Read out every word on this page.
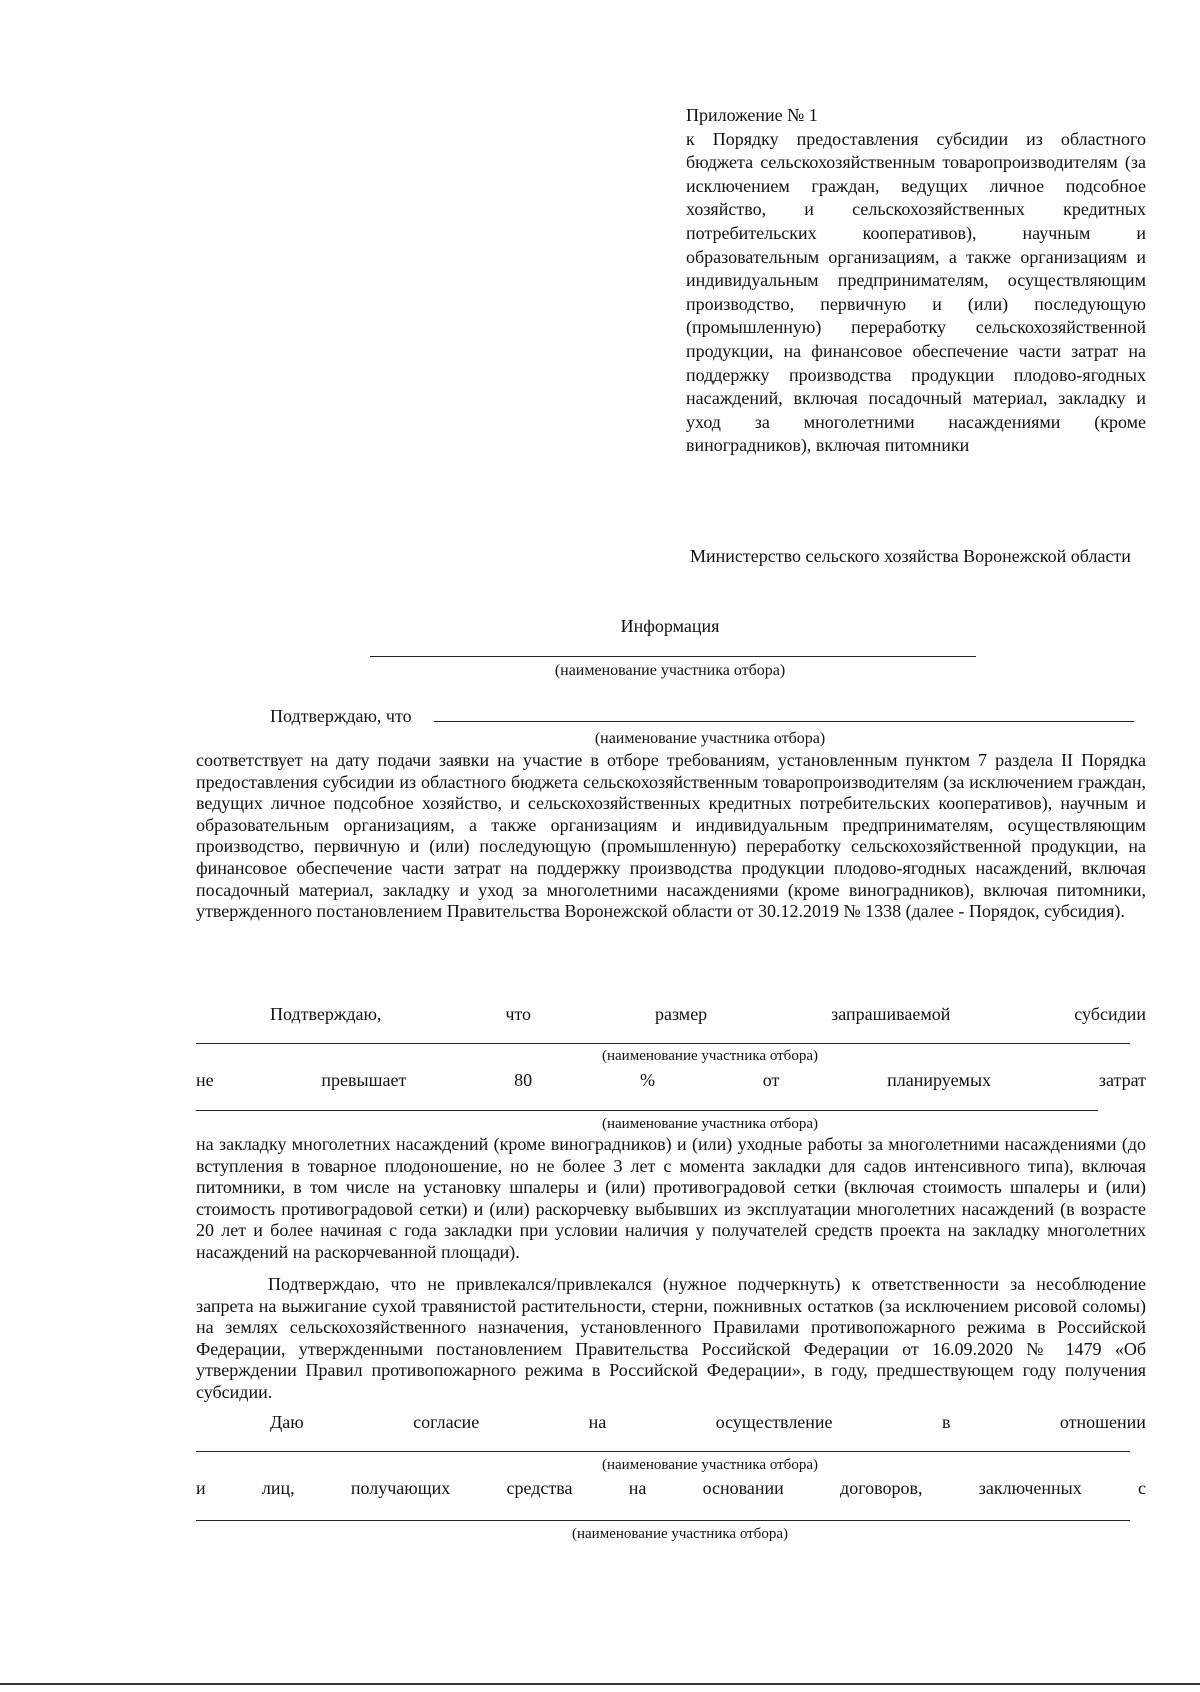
Приложение № 1
к Порядку предоставления субсидии из областного бюджета сельскохозяйственным товаропроизводителям (за исключением граждан, ведущих личное подсобное хозяйство, и сельскохозяйственных кредитных потребительских кооперативов), научным и образовательным организациям, а также организациям и индивидуальным предпринимателям, осуществляющим производство, первичную и (или) последующую (промышленную) переработку сельскохозяйственной продукции, на финансовое обеспечение части затрат на поддержку производства продукции плодово-ягодных насаждений, включая посадочный материал, закладку и уход за многолетними насаждениями (кроме виноградников), включая питомники
Министерство сельского хозяйства Воронежской области
Информация
(наименование участника отбора)
Подтверждаю, что
(наименование участника отбора)
соответствует на дату подачи заявки на участие в отборе требованиям, установленным пунктом 7 раздела II Порядка предоставления субсидии из областного бюджета сельскохозяйственным товаропроизводителям (за исключением граждан, ведущих личное подсобное хозяйство, и сельскохозяйственных кредитных потребительских кооперативов), научным и образовательным организациям, а также организациям и индивидуальным предпринимателям, осуществляющим производство, первичную и (или) последующую (промышленную) переработку сельскохозяйственной продукции, на финансовое обеспечение части затрат на поддержку производства продукции плодово-ягодных насаждений, включая посадочный материал, закладку и уход за многолетними насаждениями (кроме виноградников), включая питомники, утвержденного постановлением Правительства Воронежской области от 30.12.2019 № 1338 (далее - Порядок, субсидия).
Подтверждаю,	что	размер	запрашиваемой	субсидии
(наименование участника отбора)
не	превышает	80	%	от	планируемых	затрат
(наименование участника отбора)
на закладку многолетних насаждений (кроме виноградников) и (или) уходные работы за многолетними насаждениями (до вступления в товарное плодоношение, но не более 3 лет с момента закладки для садов интенсивного типа), включая питомники, в том числе на установку шпалеры и (или) противоградовой сетки (включая стоимость шпалеры и (или) стоимость противоградовой сетки) и (или) раскорчевку выбывших из эксплуатации многолетних насаждений (в возрасте 20 лет и более начиная с года закладки при условии наличия у получателей средств проекта на закладку многолетних насаждений на раскорчеванной площади).
Подтверждаю, что не привлекался/привлекался (нужное подчеркнуть) к ответственности за несоблюдение запрета на выжигание сухой травянистой растительности, стерни, пожнивных остатков (за исключением рисовой соломы) на землях сельскохозяйственного назначения, установленного Правилами противопожарного режима в Российской Федерации, утвержденными постановлением Правительства Российской Федерации от 16.09.2020 № 1479 «Об утверждении Правил противопожарного режима в Российской Федерации», в году, предшествующем году получения субсидии.
Даю	согласие	на	осуществление	в	отношении
(наименование участника отбора)
и	лиц,	получающих	средства	на	основании	договоров,	заключенных	с
(наименование участника отбора)
